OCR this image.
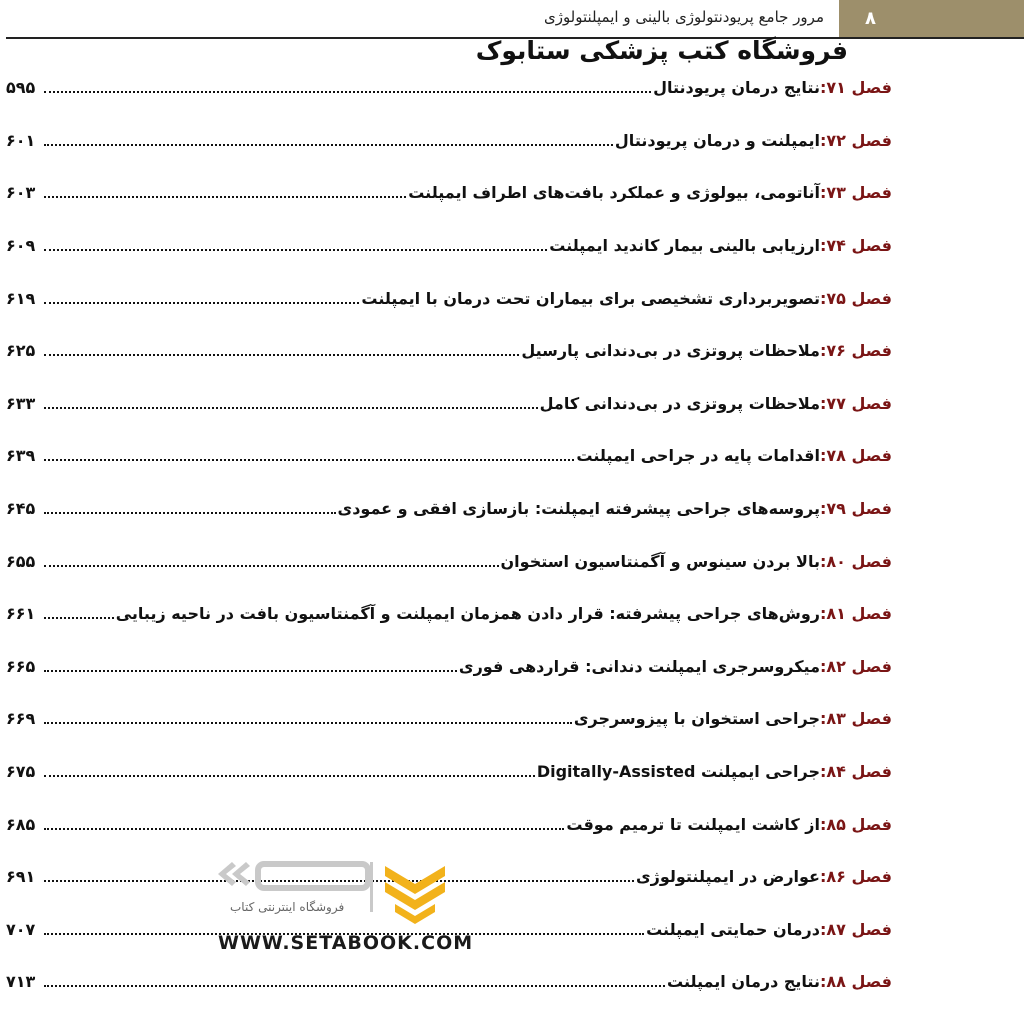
۸
مرور جامع پریودنتولوژی بالینی و ایمپلنتولوژی
فروشگاه کتب پزشکی ستابوک
فصل ۷۱:
نتایج درمان پریودنتال
۵۹۵
فصل ۷۲:
ایمپلنت و درمان پریودنتال
۶۰۱
فصل ۷۳:
آناتومی، بیولوژی و عملکرد بافت‌های اطراف ایمپلنت
۶۰۳
فصل ۷۴:
ارزیابی بالینی بیمار کاندید ایمپلنت
۶۰۹
فصل ۷۵:
تصویربرداری تشخیصی برای بیماران تحت درمان با ایمپلنت
۶۱۹
فصل ۷۶:
ملاحظات پروتزی در بی‌دندانی پارسیل
۶۲۵
فصل ۷۷:
ملاحظات پروتزی در بی‌دندانی کامل
۶۳۳
فصل ۷۸:
اقدامات پایه در جراحی ایمپلنت
۶۳۹
فصل ۷۹:
پروسه‌های جراحی پیشرفته ایمپلنت: بازسازی افقی و عمودی
۶۴۵
فصل ۸۰:
بالا بردن سینوس و آگمنتاسیون استخوان
۶۵۵
فصل ۸۱:
روش‌های جراحی پیشرفته: قرار دادن همزمان ایمپلنت و آگمنتاسیون بافت در ناحیه زیبایی
۶۶۱
فصل ۸۲:
میکروسرجری ایمپلنت دندانی: قراردهی فوری
۶۶۵
فصل ۸۳:
جراحی استخوان با پیزوسرجری
۶۶۹
فصل ۸۴:
جراحی ایمپلنت Digitally-Assisted
۶۷۵
فصل ۸۵:
از کاشت ایمپلنت تا ترمیم موقت
۶۸۵
فصل ۸۶:
عوارض در ایمپلنتولوژی
۶۹۱
فصل ۸۷:
درمان حمایتی ایمپلنت
۷۰۷
فصل ۸۸:
نتایج درمان ایمپلنت
۷۱۳
فروشگاه اینترنتی کتاب
WWW.SETABOOK.COM
